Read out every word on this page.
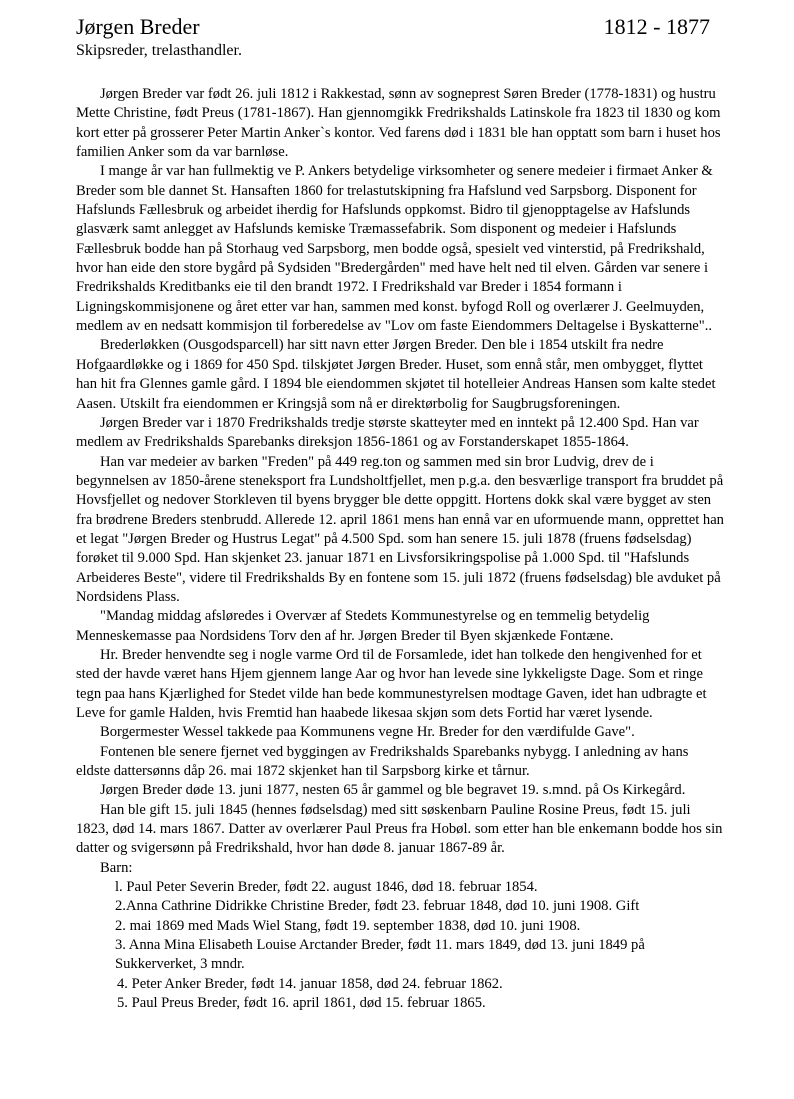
Jørgen Breder	1812 - 1877
Skipsreder, trelasthandler.

Jørgen Breder var født 26. juli 1812 i Rakkestad, sønn av sogneprest Søren Breder (1778-1831) og hustru Mette Christine, født Preus (1781-1867). Han gjennomgikk Fredrikshalds Latinskole fra 1823 til 1830 og kom kort etter på grosserer Peter Martin Anker`s kontor. Ved farens død i 1831 ble han opptatt som barn i huset hos familien Anker som da var barnløse.

I mange år var han fullmektig ve P. Ankers betydelige virksomheter og senere medeier i firmaet Anker & Breder som ble dannet St. Hansaften 1860 for trelastutskipning fra Hafslund ved Sarpsborg. Disponent for Hafslunds Fællesbruk og arbeidet iherdig for Hafslunds oppkomst. Bidro til gjenopptagelse av Hafslunds glasværk samt anlegget av Hafslunds kemiske Træmassefabrik. Som disponent og medeier i Hafslunds Fællesbruk bodde han på Storhaug ved Sarpsborg, men bodde også, spesielt ved vinterstid, på Fredrikshald, hvor han eide den store bygård på Sydsiden "Bredergården" med have helt ned til elven. Gården var senere i Fredrikshalds Kreditbanks eie til den brandt 1972. I Fredrikshald var Breder i 1854 formann i Ligningskommisjonene og året etter var han, sammen med konst. byfogd Roll og overlærer J. Geelmuyden, medlem av en nedsatt kommisjon til forberedelse av "Lov om faste Eiendommers Deltagelse i Byskatterne"..

Brederløkken (Ousgodsparcell) har sitt navn etter Jørgen Breder. Den ble i 1854 utskilt fra nedre Hofgaardløkke og i 1869 for 450 Spd. tilskjøtet Jørgen Breder. Huset, som ennå står, men ombygget, flyttet han hit fra Glennes gamle gård. I 1894 ble eiendommen skjøtet til hotelleier Andreas Hansen som kalte stedet Aasen. Utskilt fra eiendommen er Kringsjå som nå er direktørbolig for Saugbrugsforeningen.

Jørgen Breder var i 1870 Fredrikshalds tredje største skatteyter med en inntekt på 12.400 Spd. Han var medlem av Fredrikshalds Sparebanks direksjon 1856-1861 og av Forstanderskapet 1855-1864.

Han var medeier av barken "Freden" på 449 reg.ton og sammen med sin bror Ludvig, drev de i begynnelsen av 1850-årene steneksport fra Lundsholtfjellet, men p.g.a. den besværlige transport fra bruddet på Hovsfjellet og nedover Storkleven til byens brygger ble dette oppgitt. Hortens dokk skal være bygget av sten fra brødrene Breders stenbrudd. Allerede 12. april 1861 mens han ennå var en uformuende mann, opprettet han et legat "Jørgen Breder og Hustrus Legat" på 4.500 Spd. som han senere 15. juli 1878 (fruens fødselsdag) forøket til 9.000 Spd. Han skjenket 23. januar 1871 en Livsforsikringspolise på 1.000 Spd. til "Hafslunds Arbeideres Beste", videre til Fredrikshalds By en fontene som 15. juli 1872 (fruens fødselsdag) ble avduket på Nordsidens Plass.

"Mandag middag afsløredes i Overvær af Stedets Kommunestyrelse og en temmelig betydelig Menneskemasse paa Nordsidens Torv den af hr. Jørgen Breder til Byen skjænkede Fontæne.

Hr. Breder henvendte seg i nogle varme Ord til de Forsamlede, idet han tolkede den hengivenhed for et sted der havde været hans Hjem gjennem lange Aar og hvor han levede sine lykkeligste Dage. Som et ringe tegn paa hans Kjærlighed for Stedet vilde han bede kommunestyrelsen modtage Gaven, idet han udbragte et Leve for gamle Halden, hvis Fremtid han haabede likesaa skjøn som dets Fortid har været lysende.

Borgermester Wessel takkede paa Kommunens vegne Hr. Breder for den værdifulde Gave".

Fontenen ble senere fjernet ved byggingen av Fredrikshalds Sparebanks nybygg. I anledning av hans eldste dattersønns dåp 26. mai 1872 skjenket han til Sarpsborg kirke et tårnur.

Jørgen Breder døde 13. juni 1877, nesten 65 år gammel og ble begravet 19. s.mnd. på Os Kirkegård.

Han ble gift 15. juli 1845 (hennes fødselsdag) med sitt søskenbarn Pauline Rosine Preus, født 15. juli 1823, død 14. mars 1867. Datter av overlærer Paul Preus fra Hobøl. som etter han ble enkemann bodde hos sin datter og svigersønn på Fredrikshald, hvor han døde 8. januar 1867-89 år.

Barn:

l. Paul Peter Severin Breder, født 22. august 1846, død 18. februar 1854.
2.Anna Cathrine Didrikke Christine Breder, født 23. februar 1848, død 10. juni 1908. Gift
2. mai 1869 med Mads Wiel Stang, født 19. september 1838, død 10. juni 1908.
3. Anna Mina Elisabeth Louise Arctander Breder, født 11. mars 1849, død 13. juni 1849 på Sukkerverket, 3 mndr.
4. Peter Anker Breder, født 14. januar 1858, død 24. februar 1862.
5. Paul Preus Breder, født 16. april 1861, død 15. februar 1865.
